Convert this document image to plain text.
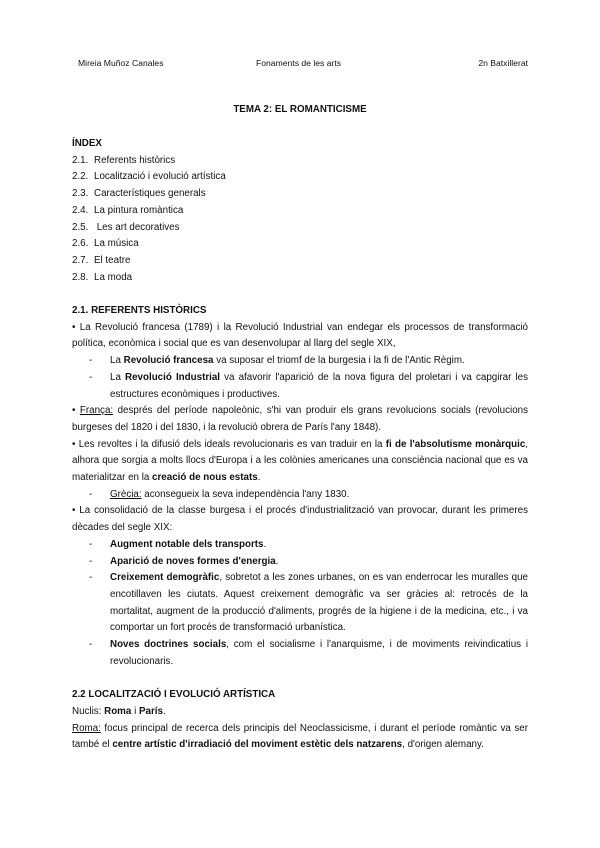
Mireia Muñoz Canales	Fonaments de les arts	2n Batxillerat
TEMA 2: EL ROMANTICISME

ÍNDEX

2.1. Referents històrics
2.2. Localització i evolució artística
2.3. Característiques generals
2.4. La pintura romàntica
2.5. Les art decoratives
2.6. La música
2.7. El teatre
2.8. La moda

2.1. REFERENTS HISTÒRICS

• La Revolució francesa (1789) i la Revolució Industrial van endegar els processos de transformació política, econòmica i social que es van desenvolupar al llarg del segle XIX,

- La Revolució francesa va suposar el triomf de la burgesia i la fi de l'Antic Règim.
- La Revolució Industrial va afavorir l'aparició de la nova figura del proletari i va capgirar les estructures econòmiques i productives.

• França: després del període napoleònic, s'hi van produir els grans revolucions socials (revolucions burgeses del 1820 i del 1830, i la revolució obrera de París l'any 1848).

• Les revoltes i la difusió dels ideals revolucionaris es van traduir en la fi de l'absolutisme monàrquic, alhora que sorgia a molts llocs d'Europa i a les colònies americanes una consciència nacional que es va materialitzar en la creació de nous estats.

- Grècia: aconsegueix la seva independència l'any 1830.

• La consolidació de la classe burgesa i el procés d'industrialització van provocar, durant les primeres dècades del segle XIX:

- Augment notable dels transports.
- Aparició de noves formes d'energia.
- Creixement demogràfic, sobretot a les zones urbanes, on es van enderrocar les muralles que encotillaven les ciutats. Aquest creixement demogràfic va ser gràcies al: retrocés de la mortalitat, augment de la producció d'aliments, progrés de la higiene i de la medicina, etc., i va comportar un fort procés de transformació urbanística.
- Noves doctrines socials, com el socialisme i l'anarquisme, i de moviments reivindicatius i revolucionaris.

2.2 LOCALITZACIÓ I EVOLUCIÓ ARTÍSTICA

Nuclis: Roma i París.

Roma: focus principal de recerca dels principis del Neoclassicisme, i durant el període romàntic va ser també el centre artístic d'irradiació del moviment estètic dels natzarens, d'origen alemany.
